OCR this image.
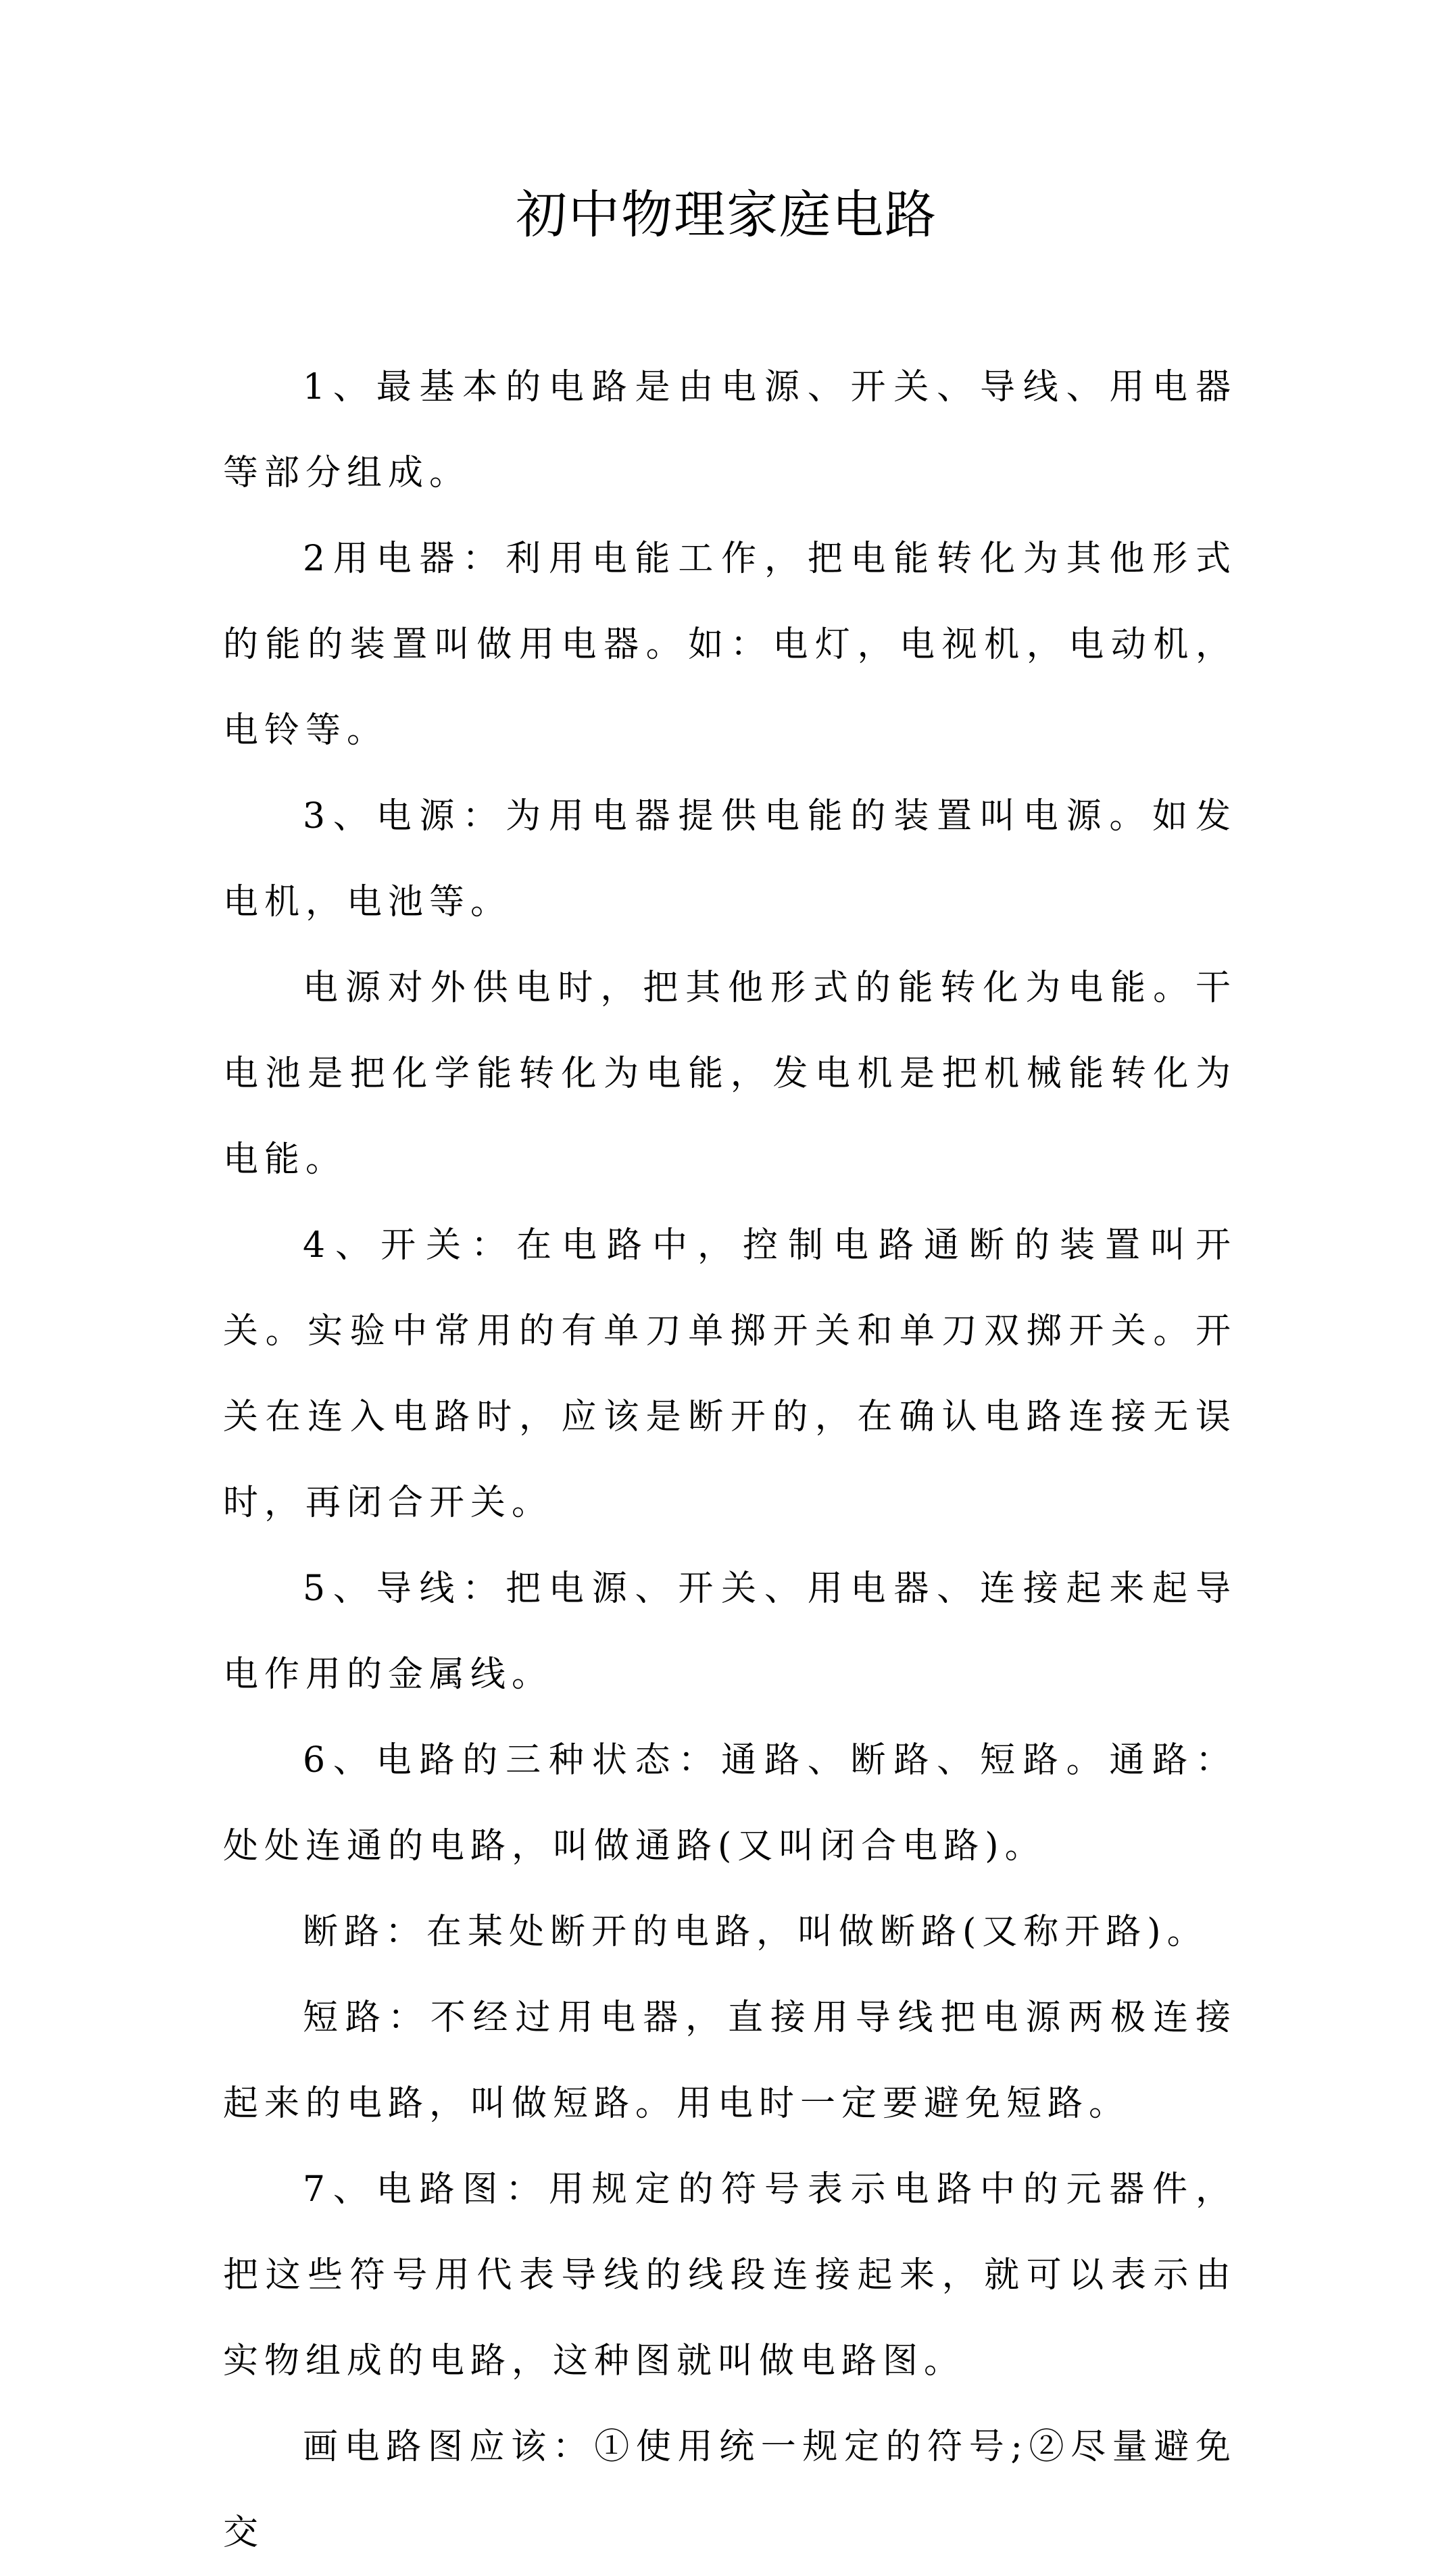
初中物理家庭电路

1、最基本的电路是由电源、开关、导线、用电器等部分组成。

2用电器：利用电能工作，把电能转化为其他形式的能的装置叫做用电器。如：电灯，电视机，电动机，电铃等。

3、电源：为用电器提供电能的装置叫电源。如发电机，电池等。

电源对外供电时，把其他形式的能转化为电能。干电池是把化学能转化为电能，发电机是把机械能转化为电能。

4、开关：在电路中，控制电路通断的装置叫开关。实验中常用的有单刀单掷开关和单刀双掷开关。开关在连入电路时，应该是断开的，在确认电路连接无误时，再闭合开关。

5、导线：把电源、开关、用电器、连接起来起导电作用的金属线。

6、电路的三种状态：通路、断路、短路。通路：处处连通的电路，叫做通路(又叫闭合电路)。

断路：在某处断开的电路，叫做断路(又称开路)。

短路：不经过用电器，直接用导线把电源两极连接起来的电路，叫做短路。用电时一定要避免短路。

7、电路图：用规定的符号表示电路中的元器件，把这些符号用代表导线的线段连接起来，就可以表示由实物组成的电路，这种图就叫做电路图。

画电路图应该：①使用统一规定的符号;②尽量避免交
